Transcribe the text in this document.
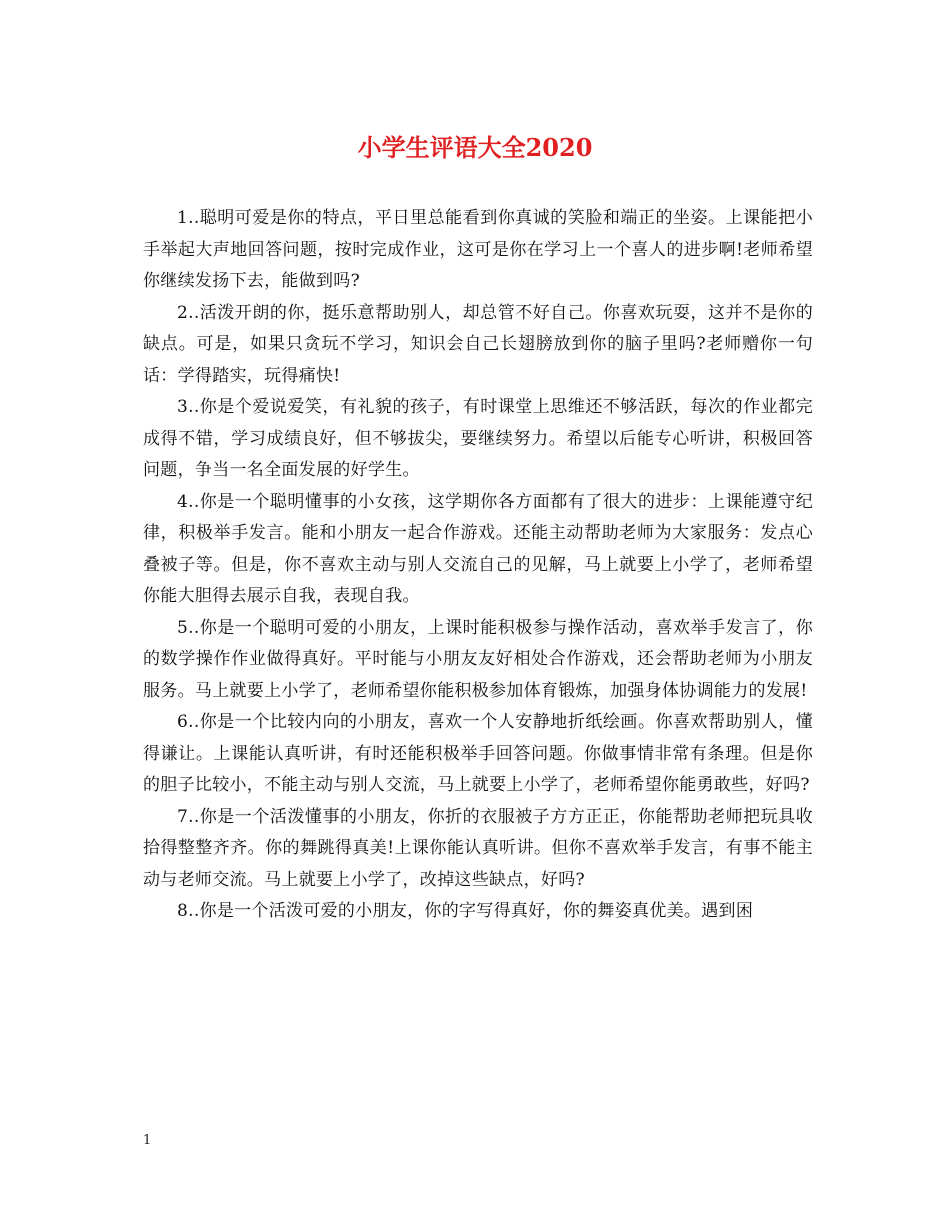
小学生评语大全2020

1..聪明可爱是你的特点，平日里总能看到你真诚的笑脸和端正的坐姿。上课能把小手举起大声地回答问题，按时完成作业，这可是你在学习上一个喜人的进步啊!老师希望你继续发扬下去，能做到吗?

2..活泼开朗的你，挺乐意帮助别人，却总管不好自己。你喜欢玩耍，这并不是你的缺点。可是，如果只贪玩不学习，知识会自己长翅膀放到你的脑子里吗?老师赠你一句话：学得踏实，玩得痛快!

3..你是个爱说爱笑，有礼貌的孩子，有时课堂上思维还不够活跃，每次的作业都完成得不错，学习成绩良好，但不够拔尖，要继续努力。希望以后能专心听讲，积极回答问题，争当一名全面发展的好学生。

4..你是一个聪明懂事的小女孩，这学期你各方面都有了很大的进步：上课能遵守纪律，积极举手发言。能和小朋友一起合作游戏。还能主动帮助老师为大家服务：发点心叠被子等。但是，你不喜欢主动与别人交流自己的见解，马上就要上小学了，老师希望你能大胆得去展示自我，表现自我。

5..你是一个聪明可爱的小朋友，上课时能积极参与操作活动，喜欢举手发言了，你的数学操作作业做得真好。平时能与小朋友友好相处合作游戏，还会帮助老师为小朋友服务。马上就要上小学了，老师希望你能积极参加体育锻炼，加强身体协调能力的发展!

6..你是一个比较内向的小朋友，喜欢一个人安静地折纸绘画。你喜欢帮助别人，懂得谦让。上课能认真听讲，有时还能积极举手回答问题。你做事情非常有条理。但是你的胆子比较小，不能主动与别人交流，马上就要上小学了，老师希望你能勇敢些，好吗?

7..你是一个活泼懂事的小朋友，你折的衣服被子方方正正，你能帮助老师把玩具收拾得整整齐齐。你的舞跳得真美!上课你能认真听讲。但你不喜欢举手发言，有事不能主动与老师交流。马上就要上小学了，改掉这些缺点，好吗?

8..你是一个活泼可爱的小朋友，你的字写得真好，你的舞姿真优美。遇到困

1
